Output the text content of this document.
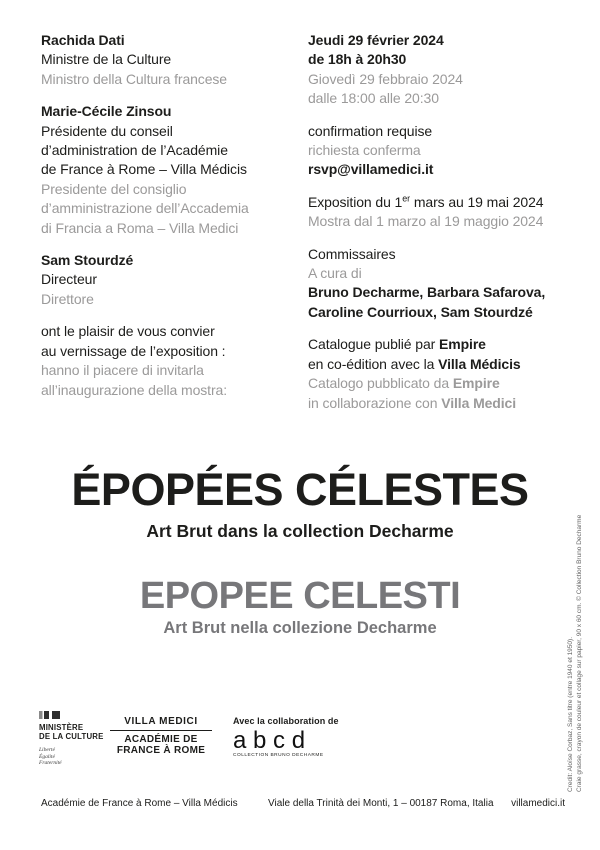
Rachida Dati
Ministre de la Culture
Ministro della Cultura francese

Marie-Cécile Zinsou
Présidente du conseil
d’administration de l’Académie
de France à Rome – Villa Médicis
Presidente del consiglio
d’amministrazione dell’Accademia
di Francia a Roma – Villa Medici

Sam Stourdzé
Directeur
Direttore

ont le plaisir de vous convier
au vernissage de l’exposition :
hanno il piacere di invitarla
all’inaugurazione della mostra:

Jeudi 29 février 2024
de 18h à 20h30
Giovedì 29 febbraio 2024
dalle 18:00 alle 20:30

confirmation requise
richiesta conferma
rsvp@villamedici.it

Exposition du 1er mars au 19 mai 2024
Mostra dal 1 marzo al 19 maggio 2024

Commissaires
A cura di
Bruno Decharme, Barbara Safarova,
Caroline Courrioux, Sam Stourdzé

Catalogue publié par Empire
en co-édition avec la Villa Médicis
Catalogo pubblicato da Empire
in collaborazione con Villa Medici

ÉPOPÉES CÉLESTES
Art Brut dans la collection Decharme
EPOPEE CELESTI
Art Brut nella collezione Decharme
MINISTÈRE
DE LA CULTURE
Liberté
Égalité
Fraternité
VILLA MEDICI
ACADÉMIE DE
FRANCE À ROME
Avec la collaboration de
a b c d
COLLECTION BRUNO DECHARME	Credit: Aloïse Corbaz, Sans titre (entre 1940 et 1950). Craie grasse, crayon de couleur et collage sur papier, 90 x 60 cm. © Collection Bruno Decharme
Académie de France à Rome – Villa Médicis	Viale della Trinità dei Monti, 1 – 00187 Roma, Italia villamedici.it
